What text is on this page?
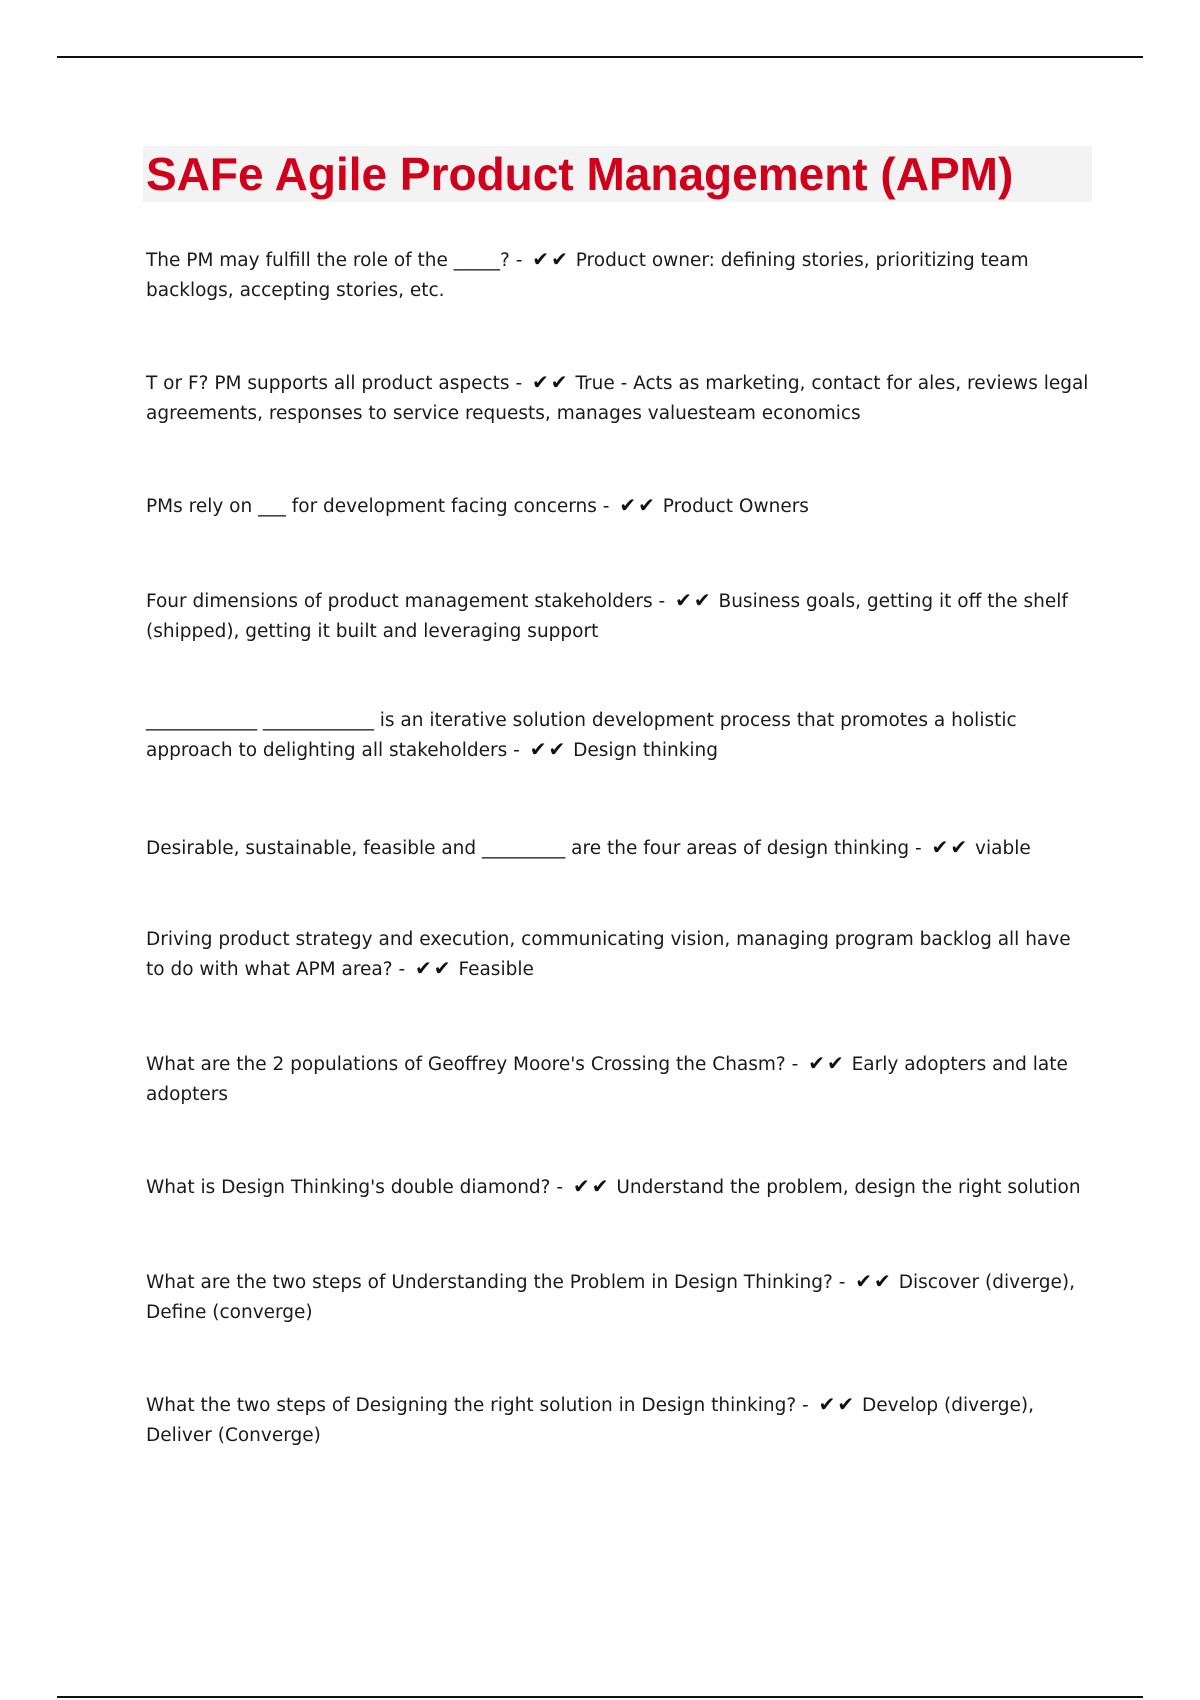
SAFe Agile Product Management (APM)
The PM may fulfill the role of the _____? - ✔ ✔ Product owner: defining stories, prioritizing team backlogs, accepting stories, etc.
T or F? PM supports all product aspects - ✔ ✔ True - Acts as marketing, contact for ales, reviews legal agreements, responses to service requests, manages valuesteam economics
PMs rely on ___ for development facing concerns - ✔ ✔ Product Owners
Four dimensions of product management stakeholders - ✔ ✔ Business goals, getting it off the shelf (shipped), getting it built and leveraging support
____________ ____________ is an iterative solution development process that promotes a holistic approach to delighting all stakeholders - ✔ ✔ Design thinking
Desirable, sustainable, feasible and _________ are the four areas of design thinking - ✔ ✔ viable
Driving product strategy and execution, communicating vision, managing program backlog all have to do with what APM area? - ✔ ✔ Feasible
What are the 2 populations of Geoffrey Moore's Crossing the Chasm? - ✔ ✔ Early adopters and late adopters
What is Design Thinking's double diamond? - ✔ ✔ Understand the problem, design the right solution
What are the two steps of Understanding the Problem in Design Thinking? - ✔ ✔ Discover (diverge), Define (converge)
What the two steps of Designing the right solution in Design thinking? - ✔ ✔ Develop (diverge), Deliver (Converge)
